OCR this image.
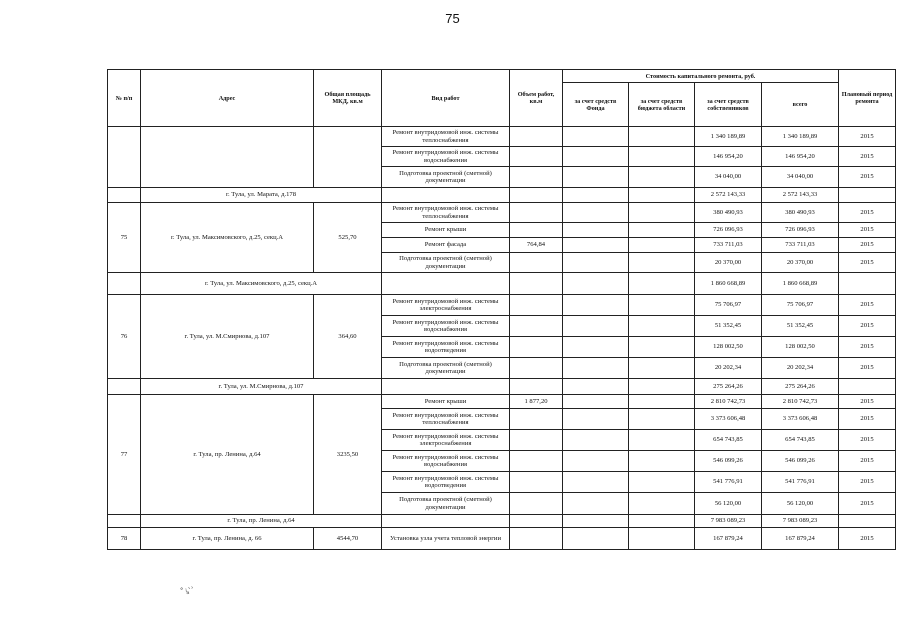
75
№ п/п	Адрес	Общая площадь МКД, кв.м	Вид работ	Объем работ, кв.м	Стоимость капитального ремонта, руб.				Плановый период ремонта
					за счет средств Фонда	за счет средств бюджета области	за счет средств собственников	всего	
			Ремонт внутридомовой инж. системы теплоснабжения				1 340 189,89	1 340 189,89	2015
			Ремонт внутридомовой инж. системы водоснабжения				146 954,20	146 954,20	2015
			Подготовка проектной (сметной) документации				34 040,00	34 040,00	2015
	г. Тула, ул. Марата, д.178						2 572 143,33	2 572 143,33	
75	г. Тула, ул. Максимовского, д.25, секц.А	525,70	Ремонт внутридомовой инж. системы теплоснабжения				380 490,93	380 490,93	2015
			Ремонт крыши				726 096,93	726 096,93	2015
			Ремонт фасада	764,84			733 711,03	733 711,03	2015
			Подготовка проектной (сметной) документации				20 370,00	20 370,00	2015
	г. Тула, ул. Максимовского, д.25, секц.А						1 860 668,89	1 860 668,89	
76	г. Тула, ул. М.Смирнова, д.107	364,60	Ремонт внутридомовой инж. системы электроснабжения				75 706,97	75 706,97	2015
			Ремонт внутридомовой инж. системы водоснабжения				51 352,45	51 352,45	2015
			Ремонт внутридомовой инж. системы водоотведения				128 002,50	128 002,50	2015
			Подготовка проектной (сметной) документации				20 202,34	20 202,34	2015
	г. Тула, ул. М.Смирнова, д.107						275 264,26	275 264,26	
77	г. Тула, пр. Ленина, д.64	3235,50	Ремонт крыши	1 877,20			2 810 742,73	2 810 742,73	2015
			Ремонт внутридомовой инж. системы теплоснабжения				3 373 606,48	3 373 606,48	2015
			Ремонт внутридомовой инж. системы электроснабжения				654 743,85	654 743,85	2015
			Ремонт внутридомовой инж. системы водоснабжения				546 099,26	546 099,26	2015
			Ремонт внутридомовой инж. системы водоотведения				541 776,91	541 776,91	2015
			Подготовка проектной (сметной) документации				56 120,00	56 120,00	2015
	г. Тула, пр. Ленина, д.64						7 983 089,23	7 983 089,23	
78	г. Тула, пр. Ленина, д. 66	4544,70	Установка узла учета тепловой энергии				167 879,24	167 879,24	2015
˚ ͥₐ ̀ ͗
